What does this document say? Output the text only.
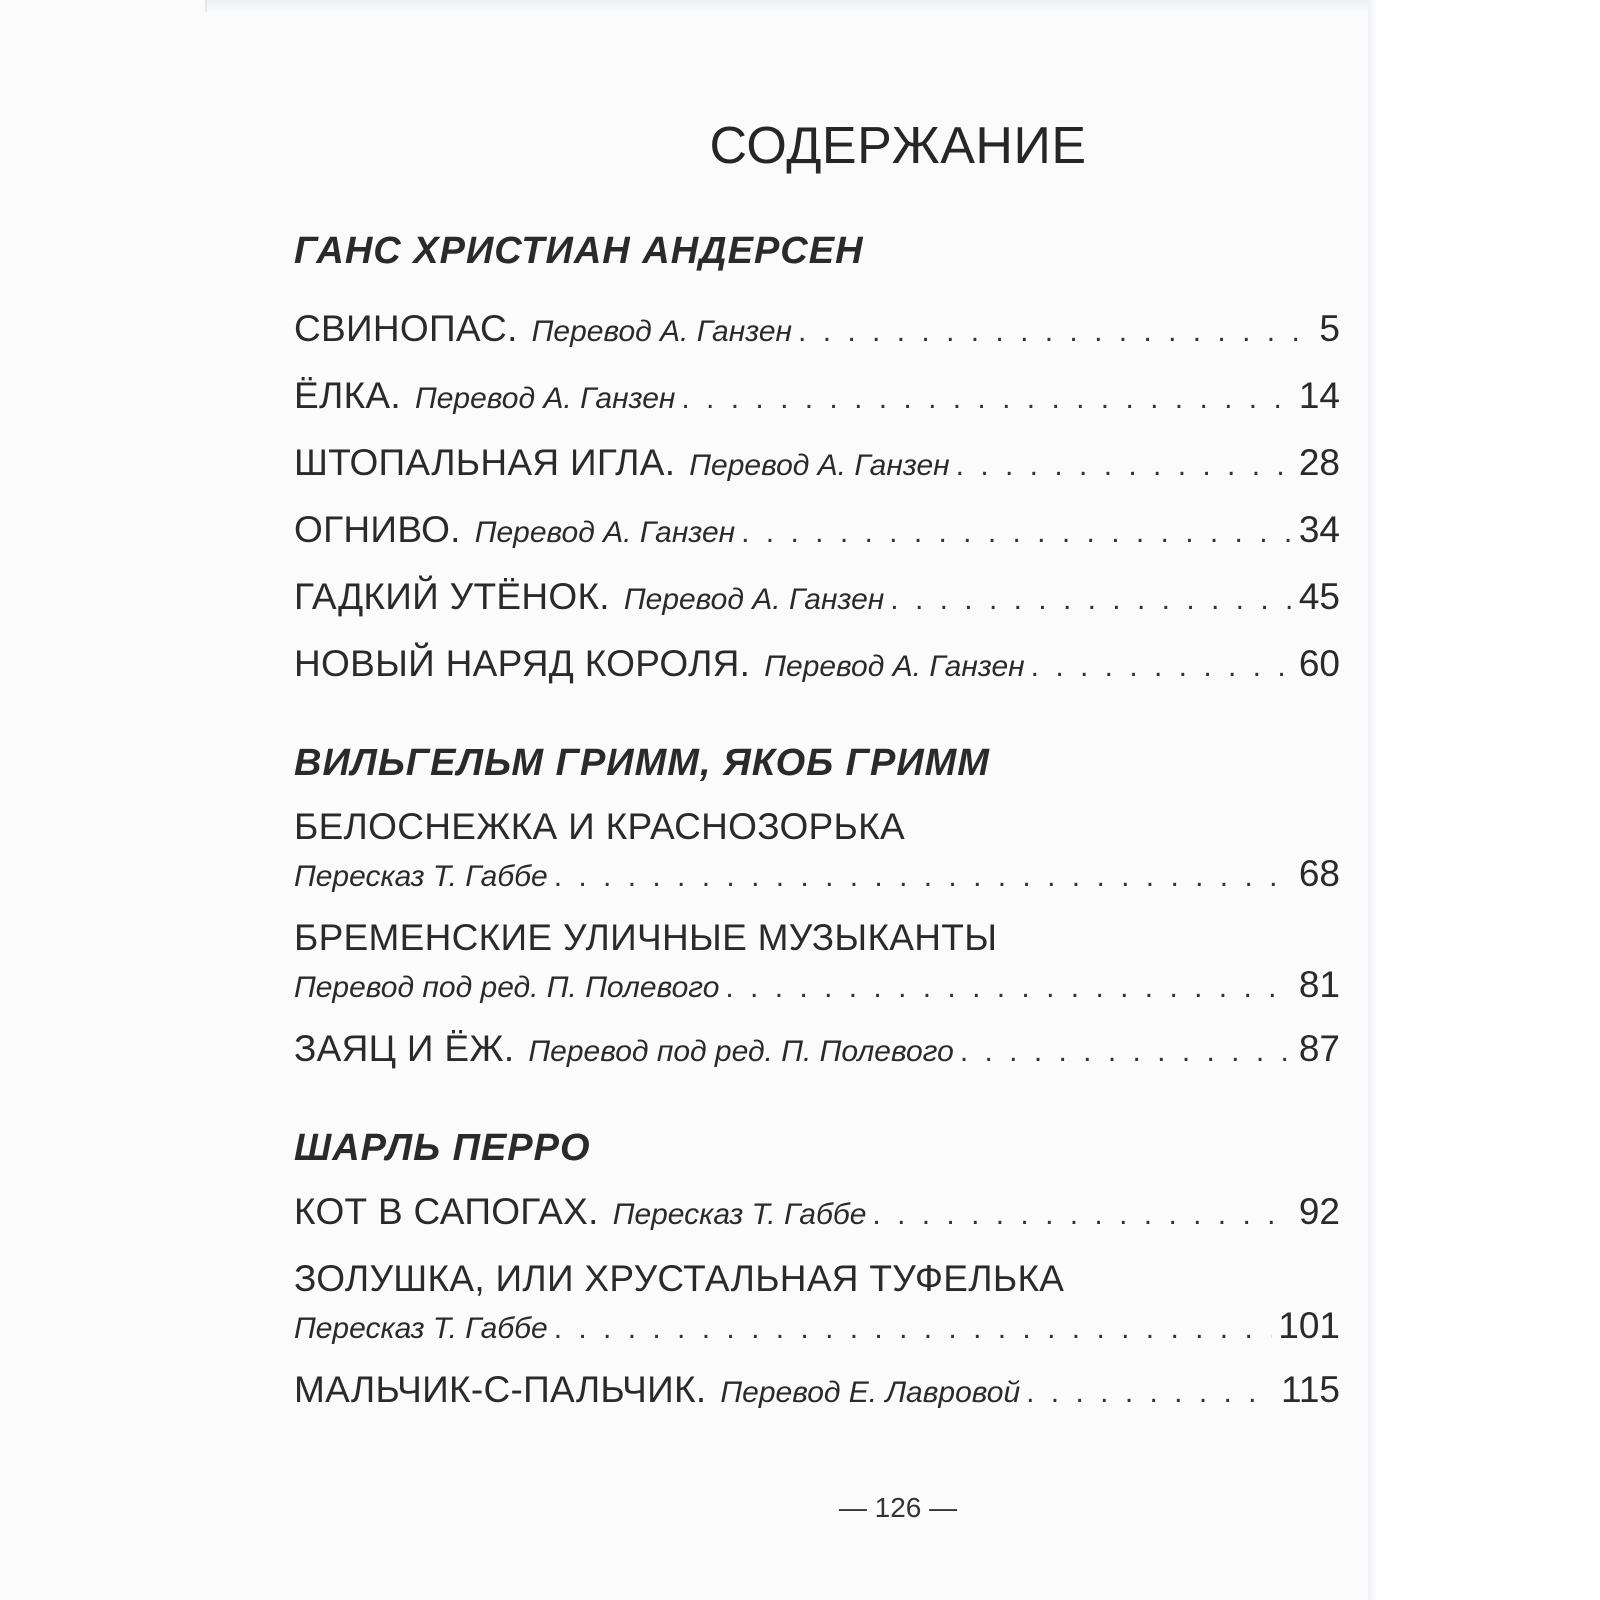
СОДЕРЖАНИЕ
ГАНС ХРИСТИАН АНДЕРСЕН
СВИНОПАС. Перевод А. Ганзен . . .	5
ЁЛКА. Перевод А. Ганзен . . .	14
ШТОПАЛЬНАЯ ИГЛА. Перевод А. Ганзен . . .	28
ОГНИВО. Перевод А. Ганзен . . .	34
ГАДКИЙ УТЁНОК. Перевод А. Ганзен . . .	45
НОВЫЙ НАРЯД КОРОЛЯ. Перевод А. Ганзен . . .	60
ВИЛЬГЕЛЬМ ГРИММ, ЯКОБ ГРИММ
БЕЛОСНЕЖКА И КРАСНОЗОРЬКА
Пересказ Т. Габбе . . .	68
БРЕМЕНСКИЕ УЛИЧНЫЕ МУЗЫКАНТЫ
Перевод под ред. П. Полевого . . .	81
ЗАЯЦ И ЁЖ. Перевод под ред. П. Полевого . . .	87
ШАРЛЬ ПЕРРО
КОТ В САПОГАХ. Пересказ Т. Габбе . . .	92
ЗОЛУШКА, ИЛИ ХРУСТАЛЬНАЯ ТУФЕЛЬКА
Пересказ Т. Габбе . . .	101
МАЛЬЧИК-С-ПАЛЬЧИК. Перевод Е. Лавровой . . .	115
— 126 —
